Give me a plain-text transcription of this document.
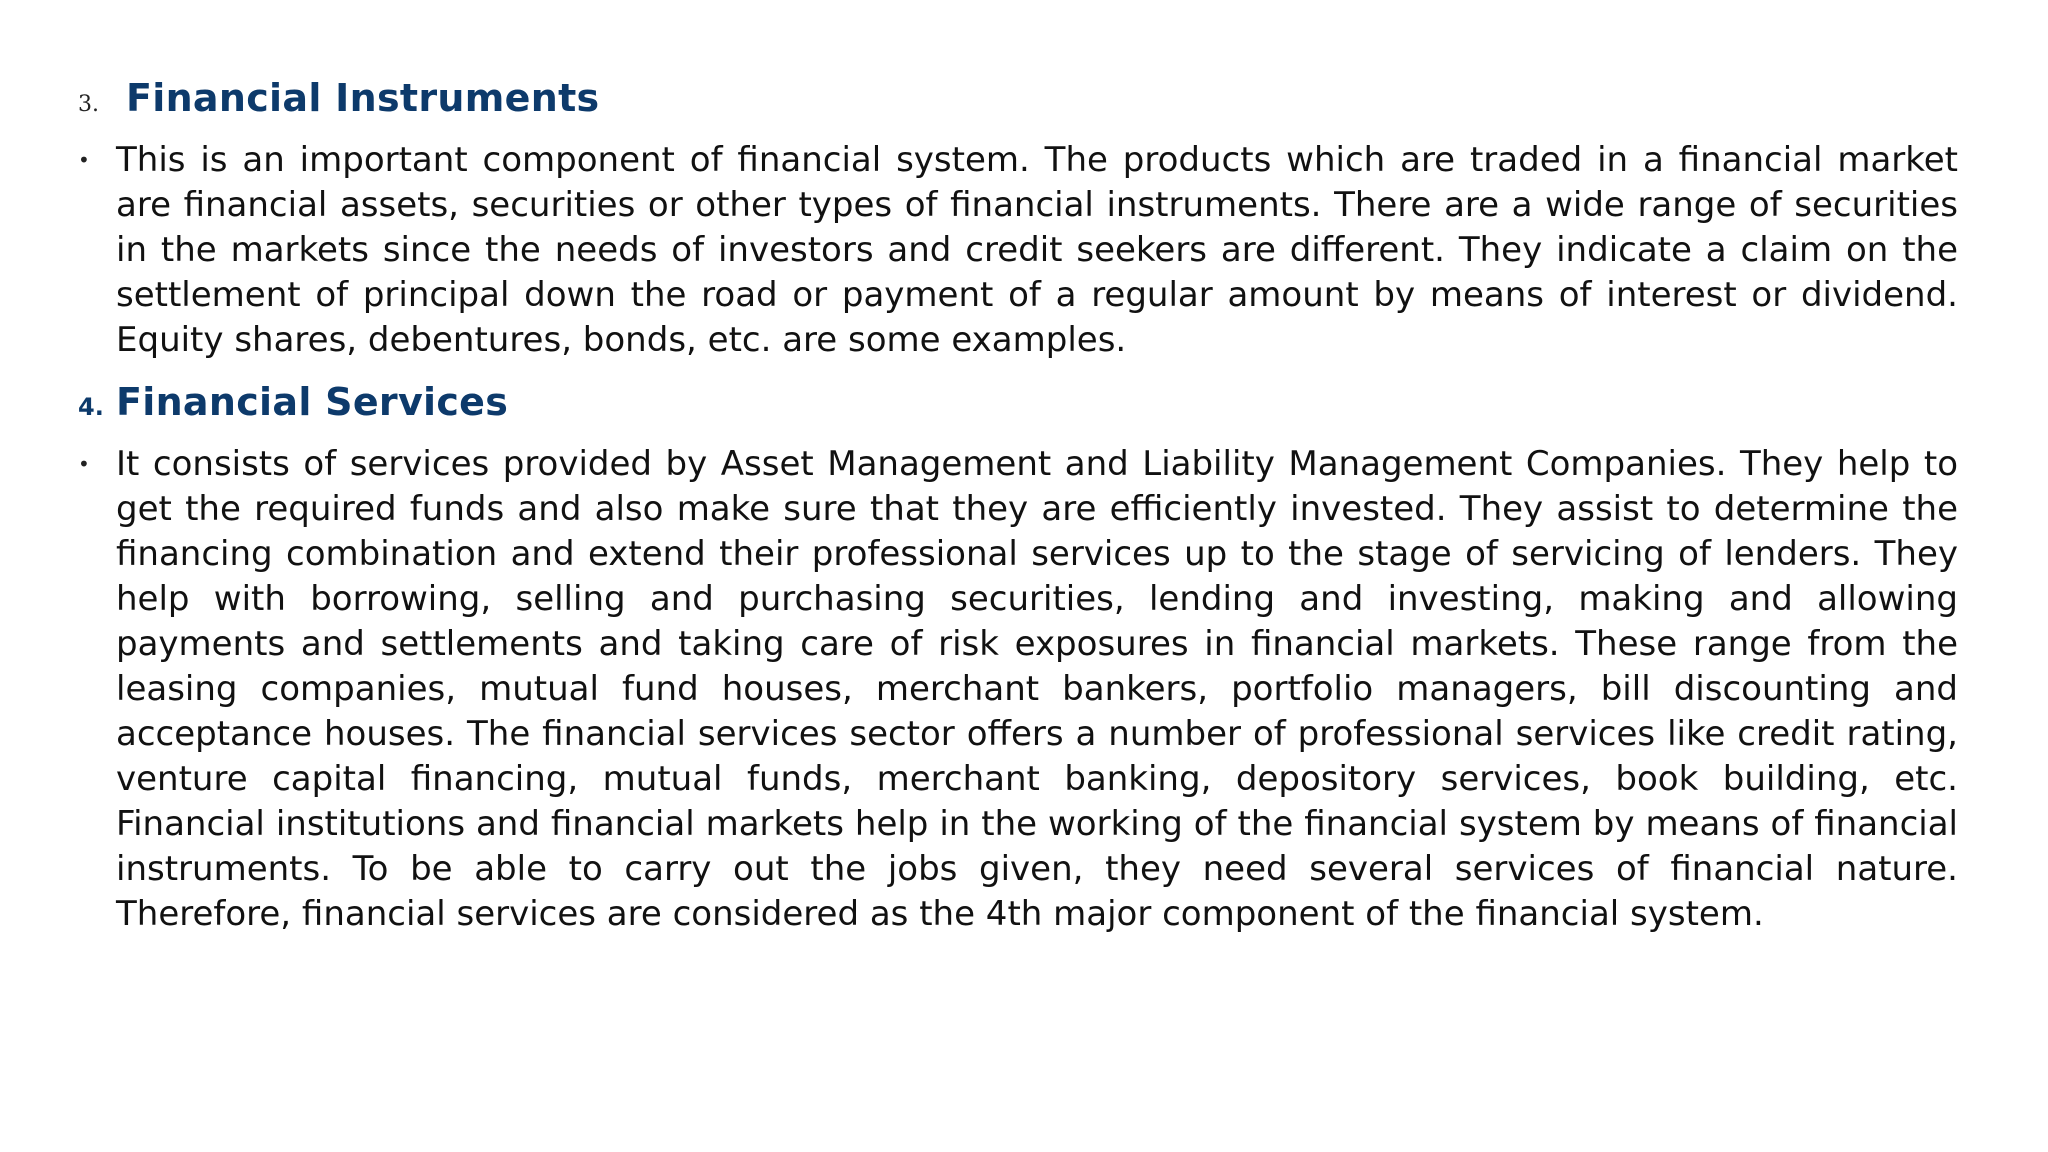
3. Financial Instruments
• This is an important component of financial system. The products which are traded in a financial market are financial assets, securities or other types of financial instruments. There are a wide range of securities in the markets since the needs of investors and credit seekers are different. They indicate a claim on the settlement of principal down the road or payment of a regular amount by means of interest or dividend. Equity shares, debentures, bonds, etc. are some examples.
4. Financial Services
• It consists of services provided by Asset Management and Liability Management Companies. They help to get the required funds and also make sure that they are efficiently invested. They assist to determine the financing combination and extend their professional services up to the stage of servicing of lenders. They help with borrowing, selling and purchasing securities, lending and investing, making and allowing payments and settlements and taking care of risk exposures in financial markets. These range from the leasing companies, mutual fund houses, merchant bankers, portfolio managers, bill discounting and acceptance houses. The financial services sector offers a number of professional services like credit rating, venture capital financing, mutual funds, merchant banking, depository services, book building, etc. Financial institutions and financial markets help in the working of the financial system by means of financial instruments. To be able to carry out the jobs given, they need several services of financial nature. Therefore, financial services are considered as the 4th major component of the financial system.
